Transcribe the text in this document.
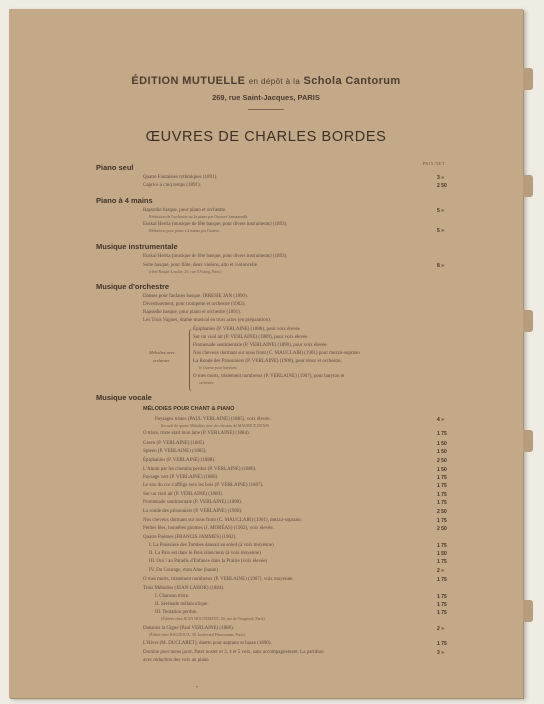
ÉDITION MUTUELLE en dépôt à la Schola Cantorum
269, rue Saint-Jacques, PARIS
ŒUVRES DE CHARLES BORDES
PRIX NET
Piano seul
Quatre Fantaisies rythmiques (1891).	3 »
Caprice à cinq temps (1891).	2 50
Piano à 4 mains
Rapsodie basque, pour piano et orchestre.	5 »
Réduction de l'orchestre au 2e piano par Gustave Samazeuilh.
Euskal Herria (musique de fête basque, pour divers instruments) (1893).
Réduction pour piano à 4 mains par l'auteur.	5 »
Musique instrumentale
Euskal Herria (musique de fête basque, pour divers instruments) (1893).
Suite basque, pour flûte, deux violons, alto et violoncelle.	8 »
(chez Rouart-Lerolle, 29, rue d'Astorg, Paris)
Musique d'orchestre
Danses pour fanfares basque. IRRESIE JAN (1890).
Divertissement, pour trompette et orchestre (1902).
Rapsodie basque, pour piano et orchestre (1891).
Les Trois Vagues, drame musical en trois actes (en préparation).
Épiphanies (P. VERLAINE) (1888), pour voix élevée
Sur un vieil air (P. VERLAINE) (1889), pour voix élevée
Promenade sentimentale (P. VERLAINE) (1890), pour voix élevée
Nos cheveux dormant sur nous front (C. MAUCLAIR) (1901) pour mezzo-soprano
La Ronde des Prisonniers (P. VERLAINE) (1900), pour ténor et orchestre,
le choeur pour barytons
O mes morts, tristement nombreux (P. VERLAINE) (1907), pour baryton et
orchestre
Musique vocale
Paysages tristes (PAUL VERLAINE) (1885), voix élevée.	4 »
Recueil de quatre Mélodies avec des dessins de MAURICE DENIS.
O triste, triste était mon âme (P. VERLAINE) (1884).	1 75
Green (P. VERLAINE) (1885).	1 50
Spleen (P. VERLAINE) (1885).	1 50
Épiphanies (P. VERLAINE) (1888).	2 50
L'Ahum par les chemins perdus (P. VERLAINE) (1886).	1 50
Paysage vert (P. VERLAINE) (1886).	1 75
Le son du cor s'afflige vers les bois (P. VERLAINE) (1887).	1 75
Sur un vieil air (P. VERLAINE) (1889).	1 75
Promenade sentimentale (P. VERLAINE) (1890).	1 75
La ronde des prisonniers (P. VERLAINE) (1900).	2 50
Nos cheveux dormant sur nous front (C. MAUCLAIR) (1901), mezzo-soprano.	1 75
Petites fées, honnêtes gnomes (J. MORÉAS) (1902), voix élevée.	2 50
Quatre Poèmes (FRANCIS JAMMES) (1902).
I. La Poussière des Tombes dansait au soleil (à voix moyenne)	1 75
II. La Paix est dans le Bois silencieux (à voix moyenne)	1 50
III. Oui ! au Paradis d'Enfance dans la Prairie (voix élevée)	1 75
IV. Du Courage, mon Ame (basse)	2 »
O mes morts, tristement nombreux (P. VERLAINE) (1907), voix moyenne.	1 75
Trois Mélodies (JEAN LAHOR) (1884).
I. Chanson triste.	1 75
II. Sérénade mélancolique.	1 75
III. Tentation perdue.	1 75
(Éditées chez JEAN HOUTEMENT, 50, rue de Vaugirard, Paris)
Dansons la Gigue (Paul VERLAINE) (1886).	2 »
(Éditée chez BAUDOUX, 30, boulevard Haussmann, Paris)
L'Hiver (M. DUCLARET), duetto pour soprano et basse (1890).	1 75
Domine puer meus jacet, Pater noster et 3, 4 et 5 voix, sans accompagnement. La partition	3 »
avec réduction des voix au piano
MÉLODIES POUR CHANT & PIANO
Mélodies avec
orchestre
•
